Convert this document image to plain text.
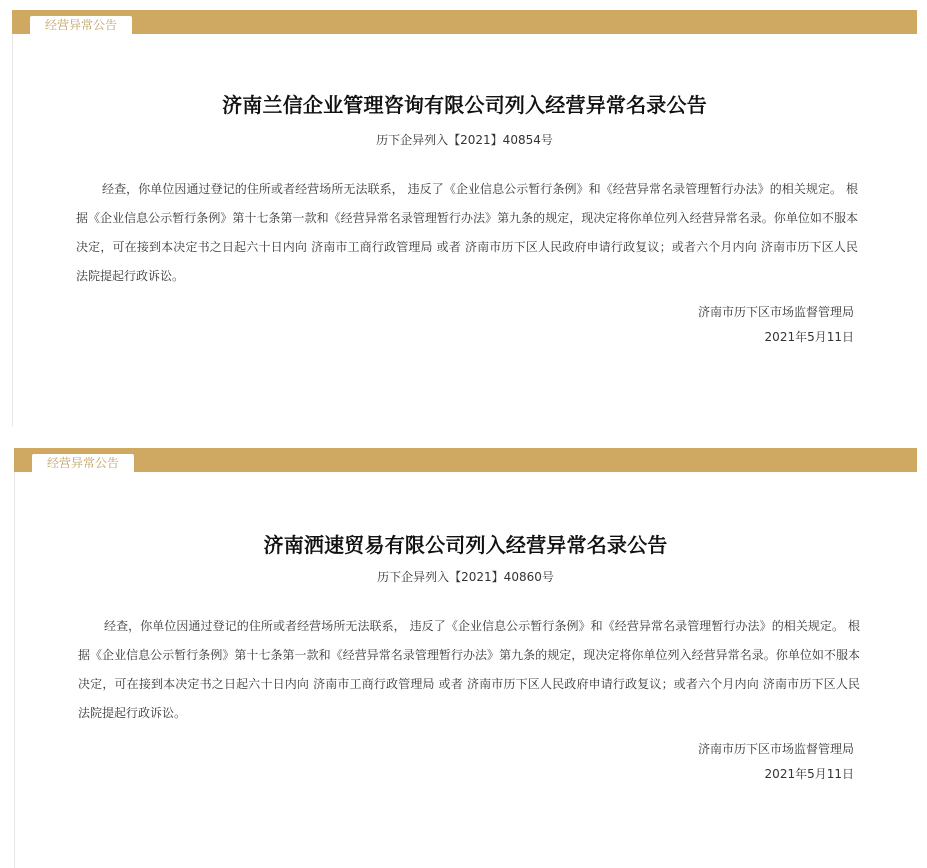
经营异常公告
济南兰信企业管理咨询有限公司列入经营异常名录公告
历下企异列入【2021】40854号

经查，你单位因通过登记的住所或者经营场所无法联系， 违反了《企业信息公示暂行条例》和《经营异常名录管理暂行办法》的相关规定。 根据《企业信息公示暂行条例》第十七条第一款和《经营异常名录管理暂行办法》第九条的规定，现决定将你单位列入经营异常名录。你单位如不服本决定，可在接到本决定书之日起六十日内向 济南市工商行政管理局 或者 济南市历下区人民政府申请行政复议；或者六个月内向 济南市历下区人民法院提起行政诉讼。

济南市历下区市场监督管理局
2021年5月11日
经营异常公告
济南洒速贸易有限公司列入经营异常名录公告
历下企异列入【2021】40860号

经查，你单位因通过登记的住所或者经营场所无法联系， 违反了《企业信息公示暂行条例》和《经营异常名录管理暂行办法》的相关规定。 根据《企业信息公示暂行条例》第十七条第一款和《经营异常名录管理暂行办法》第九条的规定，现决定将你单位列入经营异常名录。你单位如不服本决定，可在接到本决定书之日起六十日内向 济南市工商行政管理局 或者 济南市历下区人民政府申请行政复议；或者六个月内向 济南市历下区人民法院提起行政诉讼。

济南市历下区市场监督管理局
2021年5月11日
